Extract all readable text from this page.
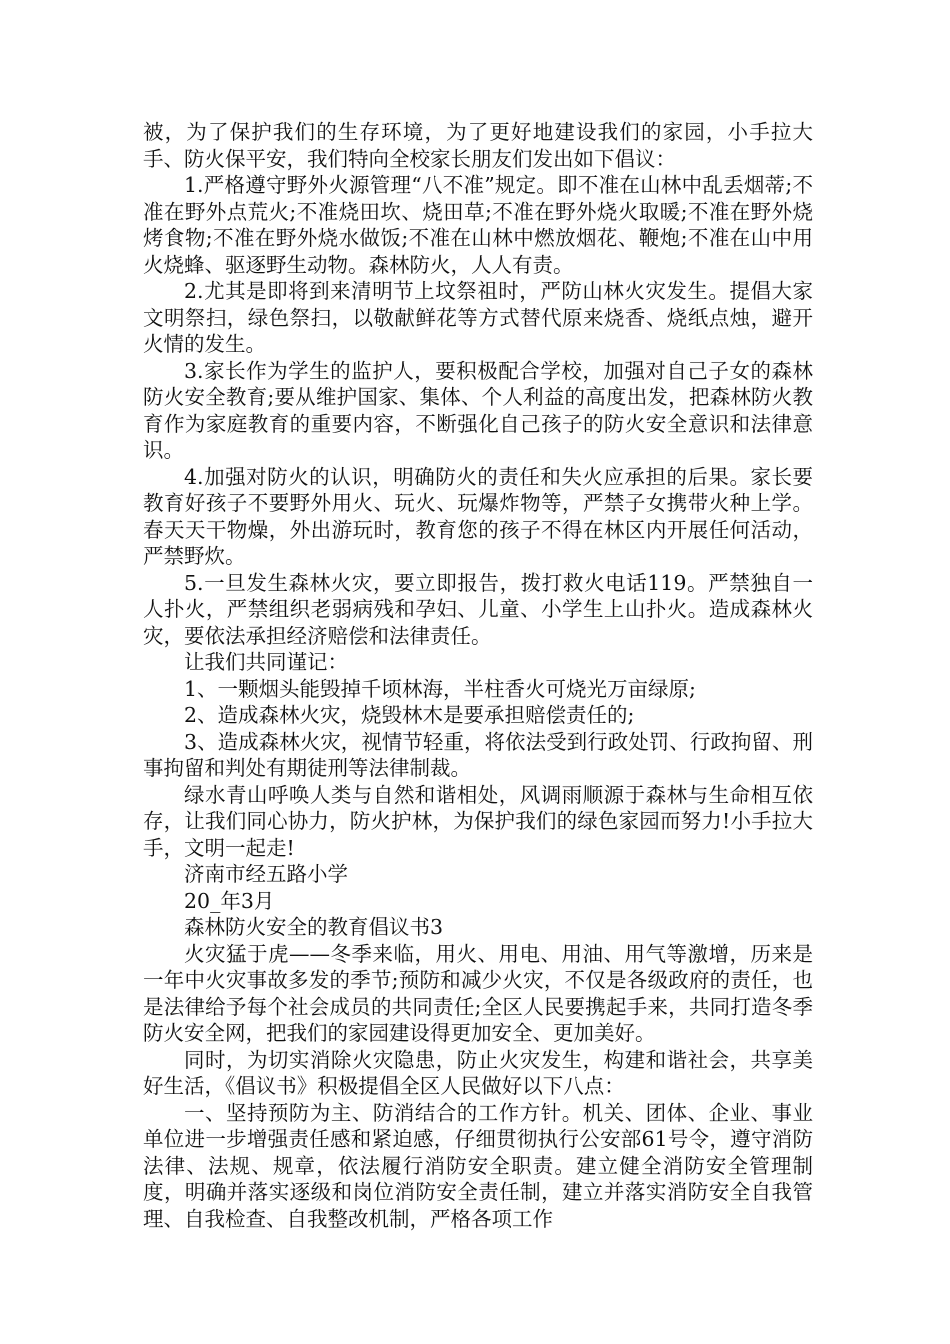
被，为了保护我们的生存环境，为了更好地建设我们的家园，小手拉大手、防火保平安，我们特向全校家长朋友们发出如下倡议：

1.严格遵守野外火源管理“八不准”规定。即不准在山林中乱丢烟蒂;不准在野外点荒火;不准烧田坎、烧田草;不准在野外烧火取暖;不准在野外烧烤食物;不准在野外烧水做饭;不准在山林中燃放烟花、鞭炮;不准在山中用火烧蜂、驱逐野生动物。森林防火，人人有责。

2.尤其是即将到来清明节上坟祭祖时，严防山林火灾发生。提倡大家文明祭扫，绿色祭扫，以敬献鲜花等方式替代原来烧香、烧纸点烛，避开火情的发生。

3.家长作为学生的监护人，要积极配合学校，加强对自己子女的森林防火安全教育;要从维护国家、集体、个人利益的高度出发，把森林防火教育作为家庭教育的重要内容，不断强化自己孩子的防火安全意识和法律意识。

4.加强对防火的认识，明确防火的责任和失火应承担的后果。家长要教育好孩子不要野外用火、玩火、玩爆炸物等，严禁子女携带火种上学。春天天干物燥，外出游玩时，教育您的孩子不得在林区内开展任何活动，严禁野炊。

5.一旦发生森林火灾，要立即报告，拨打救火电话119。严禁独自一人扑火，严禁组织老弱病残和孕妇、儿童、小学生上山扑火。造成森林火灾，要依法承担经济赔偿和法律责任。

让我们共同谨记：

1、一颗烟头能毁掉千顷林海，半柱香火可烧光万亩绿原;

2、造成森林火灾，烧毁林木是要承担赔偿责任的;

3、造成森林火灾，视情节轻重，将依法受到行政处罚、行政拘留、刑事拘留和判处有期徒刑等法律制裁。

绿水青山呼唤人类与自然和谐相处，风调雨顺源于森林与生命相互依存，让我们同心协力，防火护林，为保护我们的绿色家园而努力!小手拉大手，文明一起走!

济南市经五路小学

20_年3月

森林防火安全的教育倡议书3

火灾猛于虎——冬季来临，用火、用电、用油、用气等激增，历来是一年中火灾事故多发的季节;预防和减少火灾，不仅是各级政府的责任，也是法律给予每个社会成员的共同责任;全区人民要携起手来，共同打造冬季防火安全网，把我们的家园建设得更加安全、更加美好。

同时，为切实消除火灾隐患，防止火灾发生，构建和谐社会，共享美好生活，《倡议书》积极提倡全区人民做好以下八点：

一、坚持预防为主、防消结合的工作方针。机关、团体、企业、事业单位进一步增强责任感和紧迫感，仔细贯彻执行公安部61号令，遵守消防法律、法规、规章，依法履行消防安全职责。建立健全消防安全管理制度，明确并落实逐级和岗位消防安全责任制，建立并落实消防安全自我管理、自我检查、自我整改机制，严格各项工作
